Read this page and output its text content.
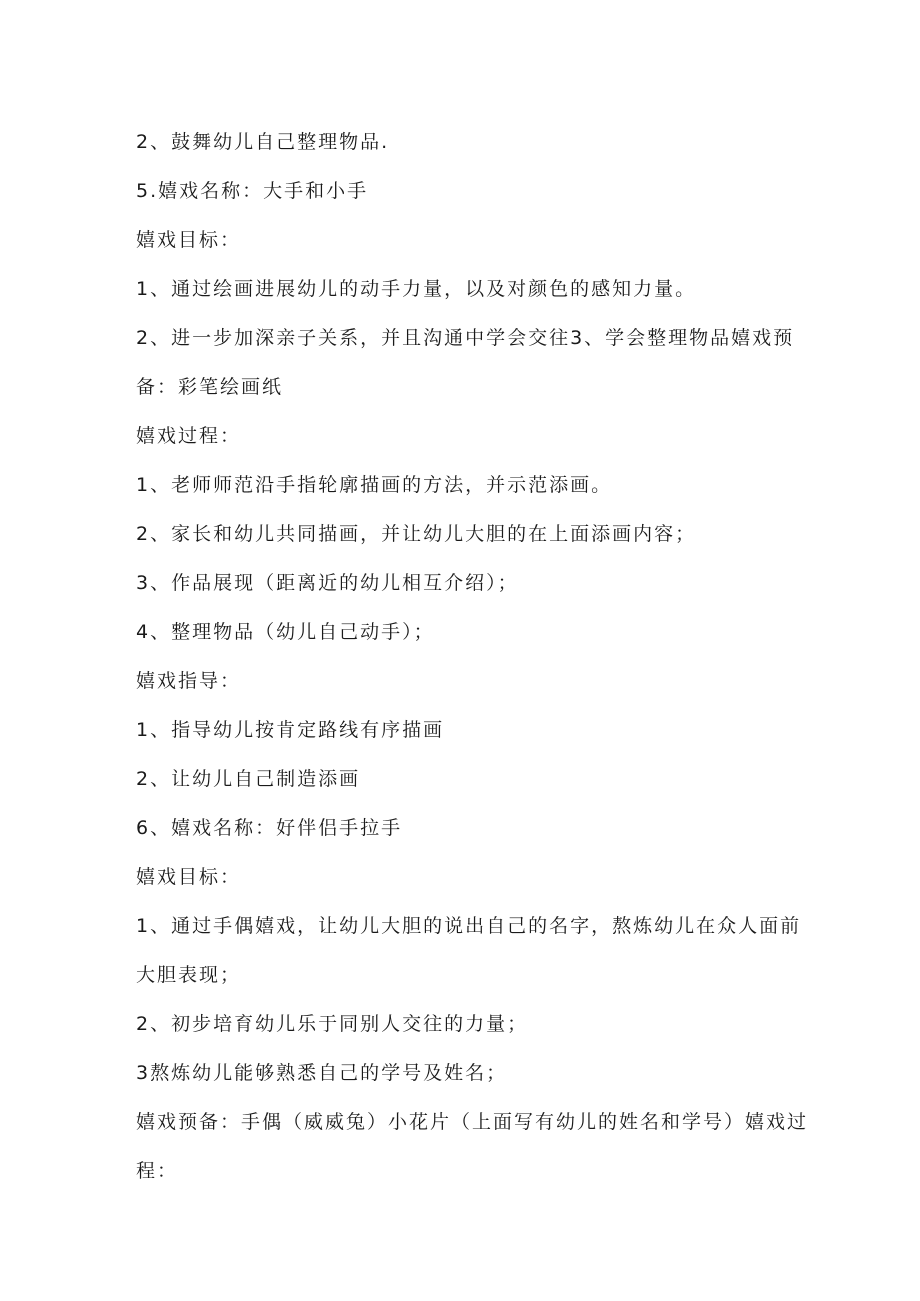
2、鼓舞幼儿自己整理物品.
5.嬉戏名称：大手和小手
嬉戏目标：
1、通过绘画进展幼儿的动手力量，以及对颜色的感知力量。
2、进一步加深亲子关系，并且沟通中学会交往3、学会整理物品嬉戏预
备：彩笔绘画纸
嬉戏过程：
1、老师师范沿手指轮廓描画的方法，并示范添画。
2、家长和幼儿共同描画，并让幼儿大胆的在上面添画内容；
3、作品展现（距离近的幼儿相互介绍）；
4、整理物品（幼儿自己动手）；
嬉戏指导：
1、指导幼儿按肯定路线有序描画
2、让幼儿自己制造添画
6、嬉戏名称：好伴侣手拉手
嬉戏目标：
1、通过手偶嬉戏，让幼儿大胆的说出自己的名字，熬炼幼儿在众人面前
大胆表现；
2、初步培育幼儿乐于同别人交往的力量；
3熬炼幼儿能够熟悉自己的学号及姓名；
嬉戏预备：手偶（威威兔）小花片（上面写有幼儿的姓名和学号）嬉戏过
程：
